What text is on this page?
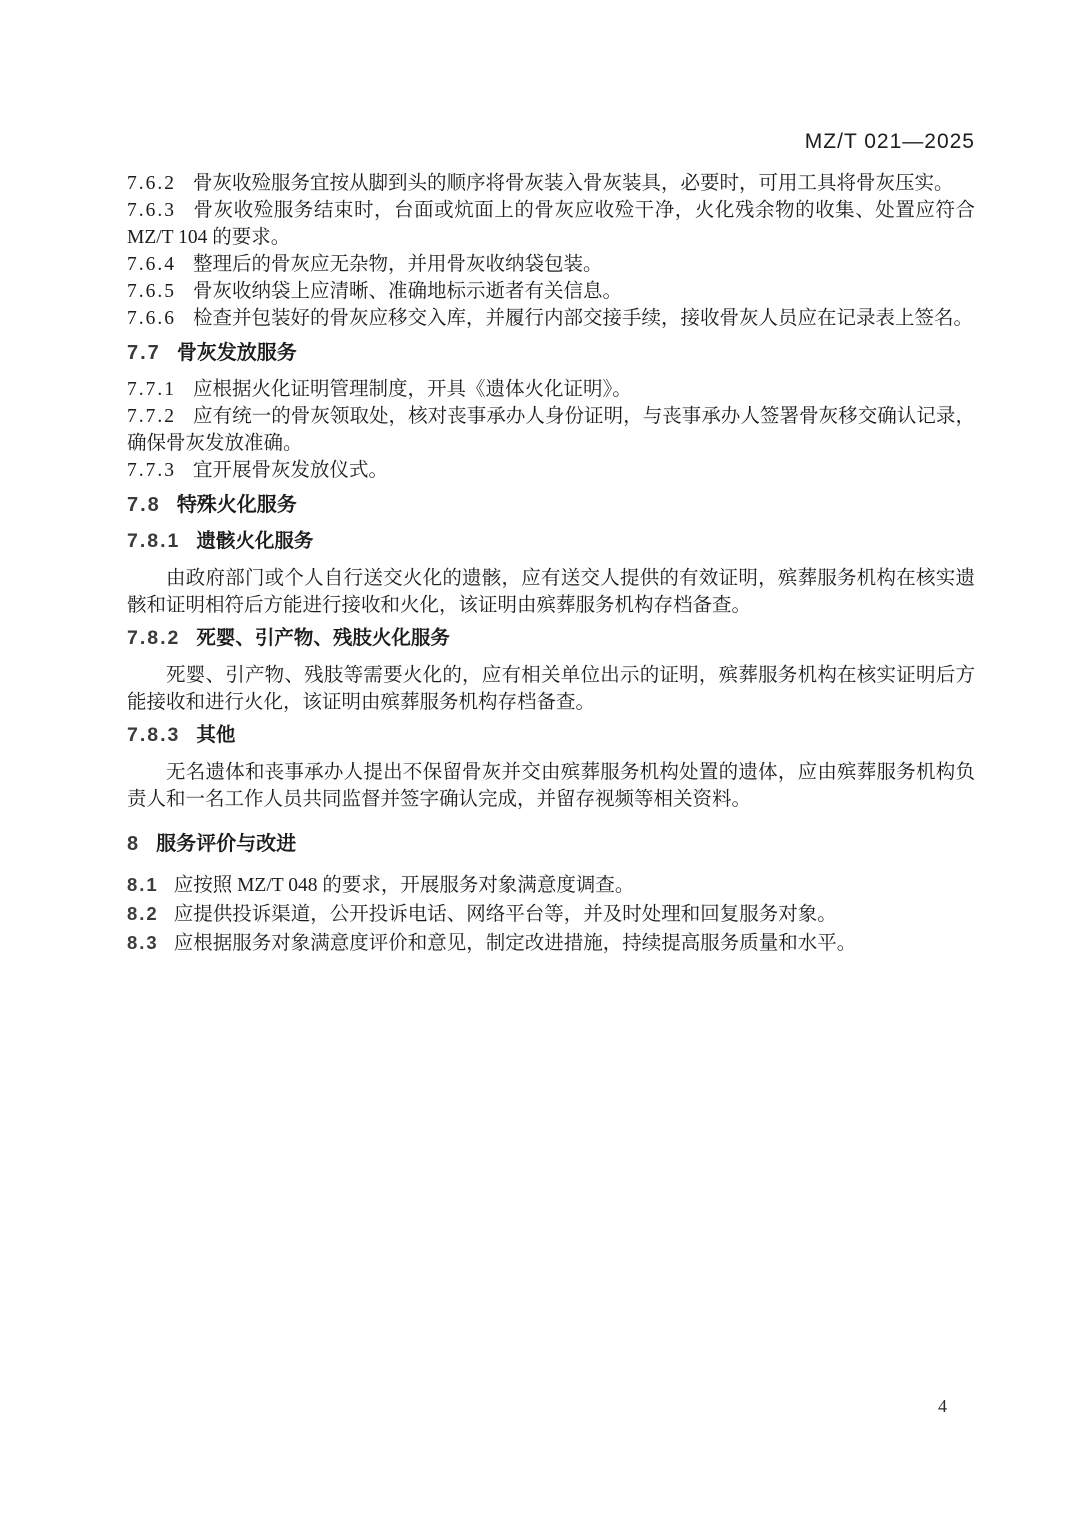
MZ/T 021—2025

7.6.2 骨灰收殓服务宜按从脚到头的顺序将骨灰装入骨灰装具，必要时，可用工具将骨灰压实。

7.6.3 骨灰收殓服务结束时，台面或炕面上的骨灰应收殓干净，火化残余物的收集、处置应符合 MZ/T 104 的要求。

7.6.4 整理后的骨灰应无杂物，并用骨灰收纳袋包装。

7.6.5 骨灰收纳袋上应清晰、准确地标示逝者有关信息。

7.6.6 检查并包装好的骨灰应移交入库，并履行内部交接手续，接收骨灰人员应在记录表上签名。

7.7 骨灰发放服务

7.7.1 应根据火化证明管理制度，开具《遗体火化证明》。

7.7.2 应有统一的骨灰领取处，核对丧事承办人身份证明，与丧事承办人签署骨灰移交确认记录，确保骨灰发放准确。

7.7.3 宜开展骨灰发放仪式。

7.8 特殊火化服务
7.8.1 遗骸火化服务

由政府部门或个人自行送交火化的遗骸，应有送交人提供的有效证明，殡葬服务机构在核实遗骸和证明相符后方能进行接收和火化，该证明由殡葬服务机构存档备查。

7.8.2 死婴、引产物、残肢火化服务

死婴、引产物、残肢等需要火化的，应有相关单位出示的证明，殡葬服务机构在核实证明后方能接收和进行火化，该证明由殡葬服务机构存档备查。

7.8.3 其他

无名遗体和丧事承办人提出不保留骨灰并交由殡葬服务机构处置的遗体，应由殡葬服务机构负责人和一名工作人员共同监督并签字确认完成，并留存视频等相关资料。

8 服务评价与改进

8.1 应按照 MZ/T 048 的要求，开展服务对象满意度调查。

8.2 应提供投诉渠道，公开投诉电话、网络平台等，并及时处理和回复服务对象。

8.3 应根据服务对象满意度评价和意见，制定改进措施，持续提高服务质量和水平。

4
